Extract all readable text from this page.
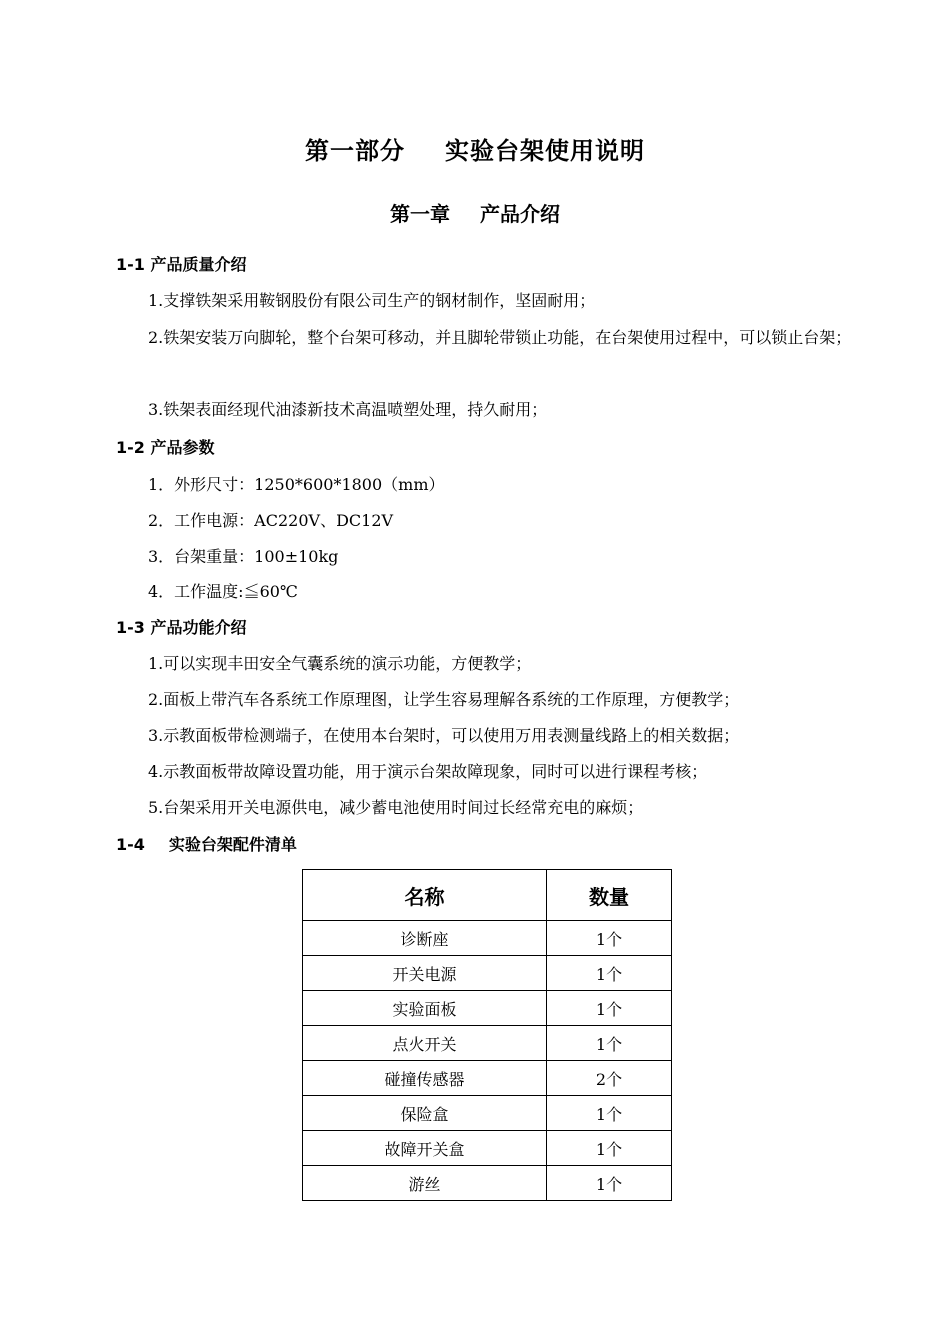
第一部分 实验台架使用说明
第一章 产品介绍
1-1 产品质量介绍
1.支撑铁架采用鞍钢股份有限公司生产的钢材制作，坚固耐用；
2.铁架安装万向脚轮，整个台架可移动，并且脚轮带锁止功能，在台架使用过程中，可以锁止台架；
3.铁架表面经现代油漆新技术高温喷塑处理，持久耐用；
1-2 产品参数
1．外形尺寸：1250*600*1800（mm）
2．工作电源：AC220V、DC12V
3．台架重量：100±10kg
4．工作温度:≦60℃
1-3 产品功能介绍
1.可以实现丰田安全气囊系统的演示功能，方便教学；
2.面板上带汽车各系统工作原理图，让学生容易理解各系统的工作原理，方便教学；
3.示教面板带检测端子，在使用本台架时，可以使用万用表测量线路上的相关数据；
4.示教面板带故障设置功能，用于演示台架故障现象，同时可以进行课程考核；
5.台架采用开关电源供电，减少蓄电池使用时间过长经常充电的麻烦；
1-4 实验台架配件清单
名称	数量
诊断座	1个
开关电源	1个
实验面板	1个
点火开关	1个
碰撞传感器	2个
保险盒	1个
故障开关盒	1个
游丝	1个
